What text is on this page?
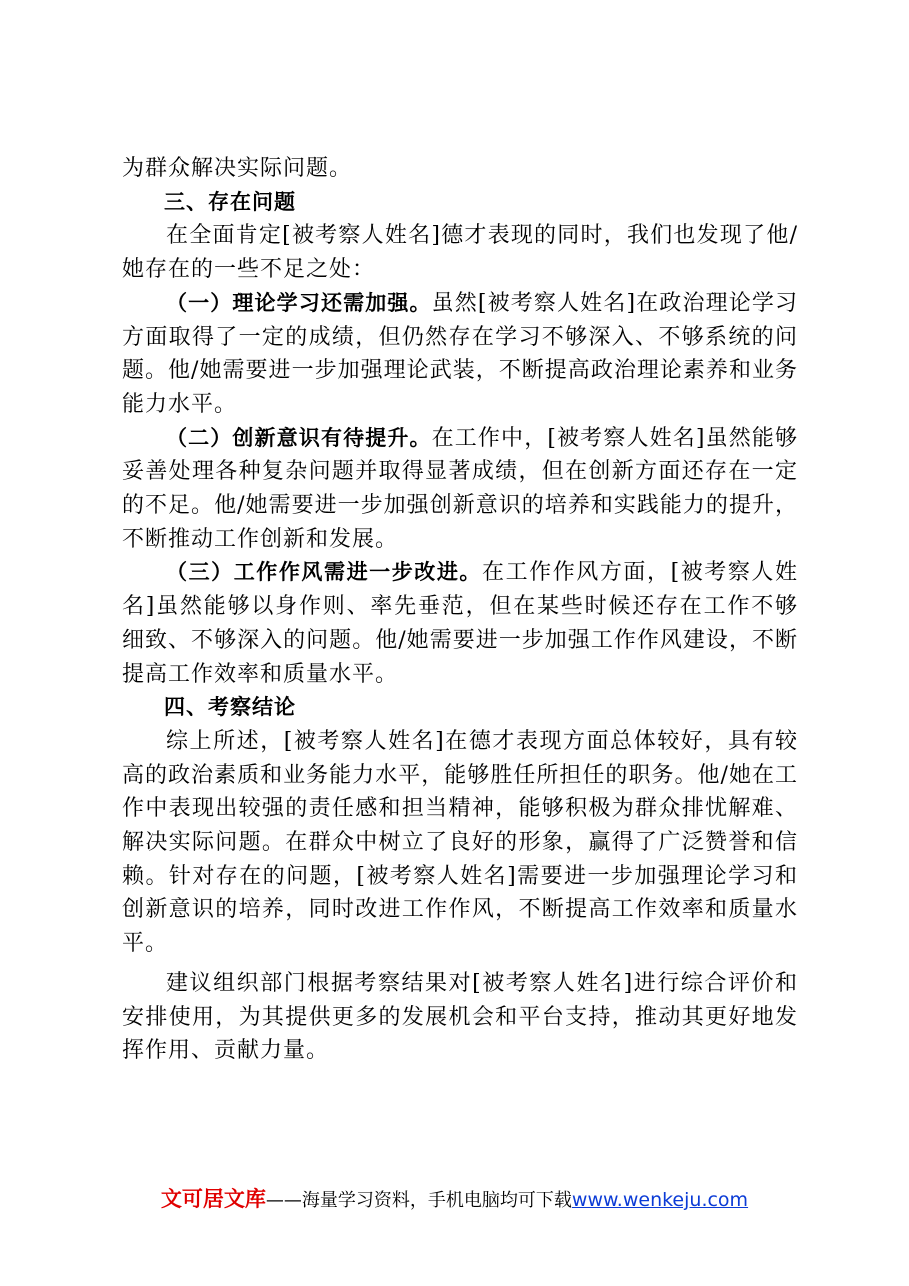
为群众解决实际问题。

三、存在问题

在全面肯定[被考察人姓名]德才表现的同时，我们也发现了他/她存在的一些不足之处：

（一）理论学习还需加强。虽然[被考察人姓名]在政治理论学习方面取得了一定的成绩，但仍然存在学习不够深入、不够系统的问题。他/她需要进一步加强理论武装，不断提高政治理论素养和业务能力水平。

（二）创新意识有待提升。在工作中，[被考察人姓名]虽然能够妥善处理各种复杂问题并取得显著成绩，但在创新方面还存在一定的不足。他/她需要进一步加强创新意识的培养和实践能力的提升，不断推动工作创新和发展。

（三）工作作风需进一步改进。在工作作风方面，[被考察人姓名]虽然能够以身作则、率先垂范，但在某些时候还存在工作不够细致、不够深入的问题。他/她需要进一步加强工作作风建设，不断提高工作效率和质量水平。

四、考察结论

综上所述，[被考察人姓名]在德才表现方面总体较好，具有较高的政治素质和业务能力水平，能够胜任所担任的职务。他/她在工作中表现出较强的责任感和担当精神，能够积极为群众排忧解难、解决实际问题。在群众中树立了良好的形象，赢得了广泛赞誉和信赖。针对存在的问题，[被考察人姓名]需要进一步加强理论学习和创新意识的培养，同时改进工作作风，不断提高工作效率和质量水平。

建议组织部门根据考察结果对[被考察人姓名]进行综合评价和安排使用，为其提供更多的发展机会和平台支持，推动其更好地发挥作用、贡献力量。

文可居文库——海量学习资料，手机电脑均可下载www.wenkeju.com
